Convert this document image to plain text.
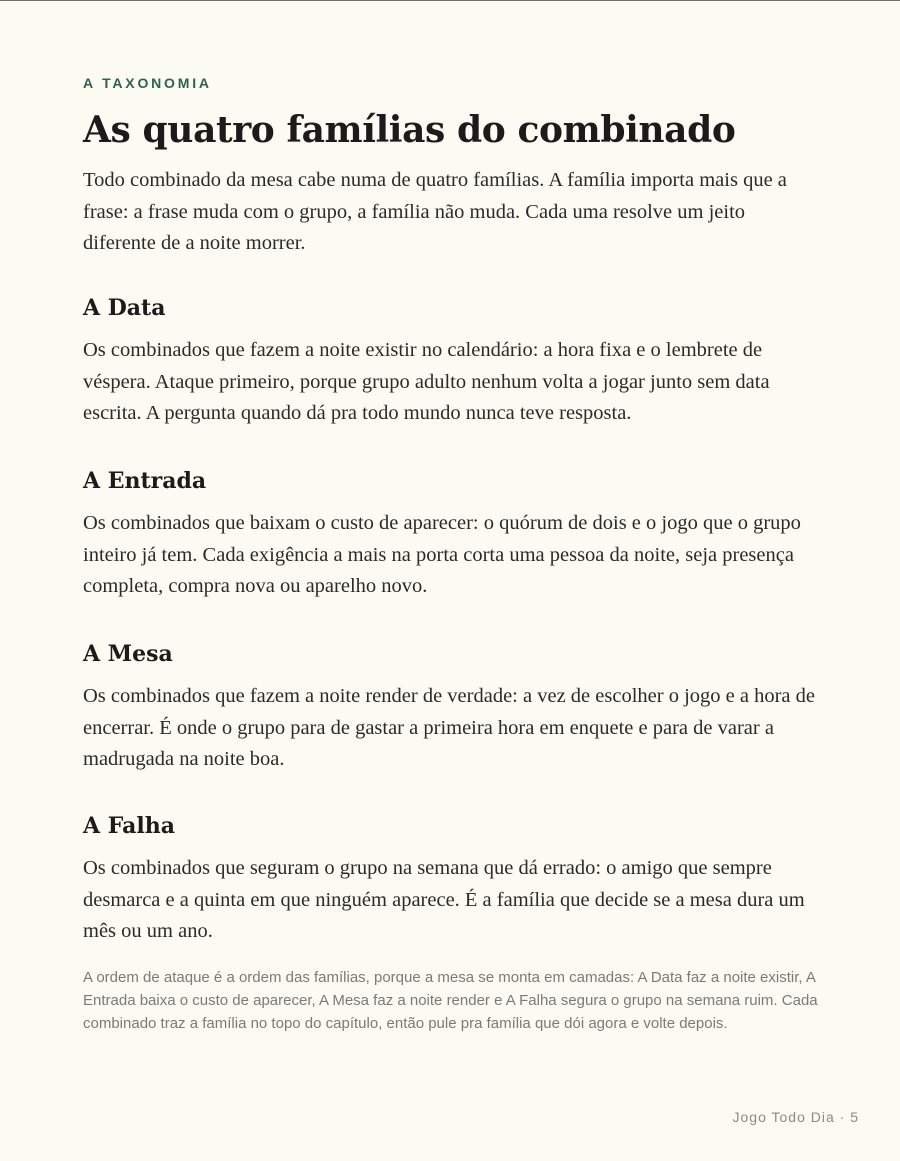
A TAXONOMIA

As quatro famílias do combinado

Todo combinado da mesa cabe numa de quatro famílias. A família importa mais que a frase: a frase muda com o grupo, a família não muda. Cada uma resolve um jeito diferente de a noite morrer.

A Data

Os combinados que fazem a noite existir no calendário: a hora fixa e o lembrete de véspera. Ataque primeiro, porque grupo adulto nenhum volta a jogar junto sem data escrita. A pergunta quando dá pra todo mundo nunca teve resposta.

A Entrada

Os combinados que baixam o custo de aparecer: o quórum de dois e o jogo que o grupo inteiro já tem. Cada exigência a mais na porta corta uma pessoa da noite, seja presença completa, compra nova ou aparelho novo.

A Mesa

Os combinados que fazem a noite render de verdade: a vez de escolher o jogo e a hora de encerrar. É onde o grupo para de gastar a primeira hora em enquete e para de varar a madrugada na noite boa.

A Falha

Os combinados que seguram o grupo na semana que dá errado: o amigo que sempre desmarca e a quinta em que ninguém aparece. É a família que decide se a mesa dura um mês ou um ano.

A ordem de ataque é a ordem das famílias, porque a mesa se monta em camadas: A Data faz a noite existir, A Entrada baixa o custo de aparecer, A Mesa faz a noite render e A Falha segura o grupo na semana ruim. Cada combinado traz a família no topo do capítulo, então pule pra família que dói agora e volte depois.

Jogo Todo Dia · 5
